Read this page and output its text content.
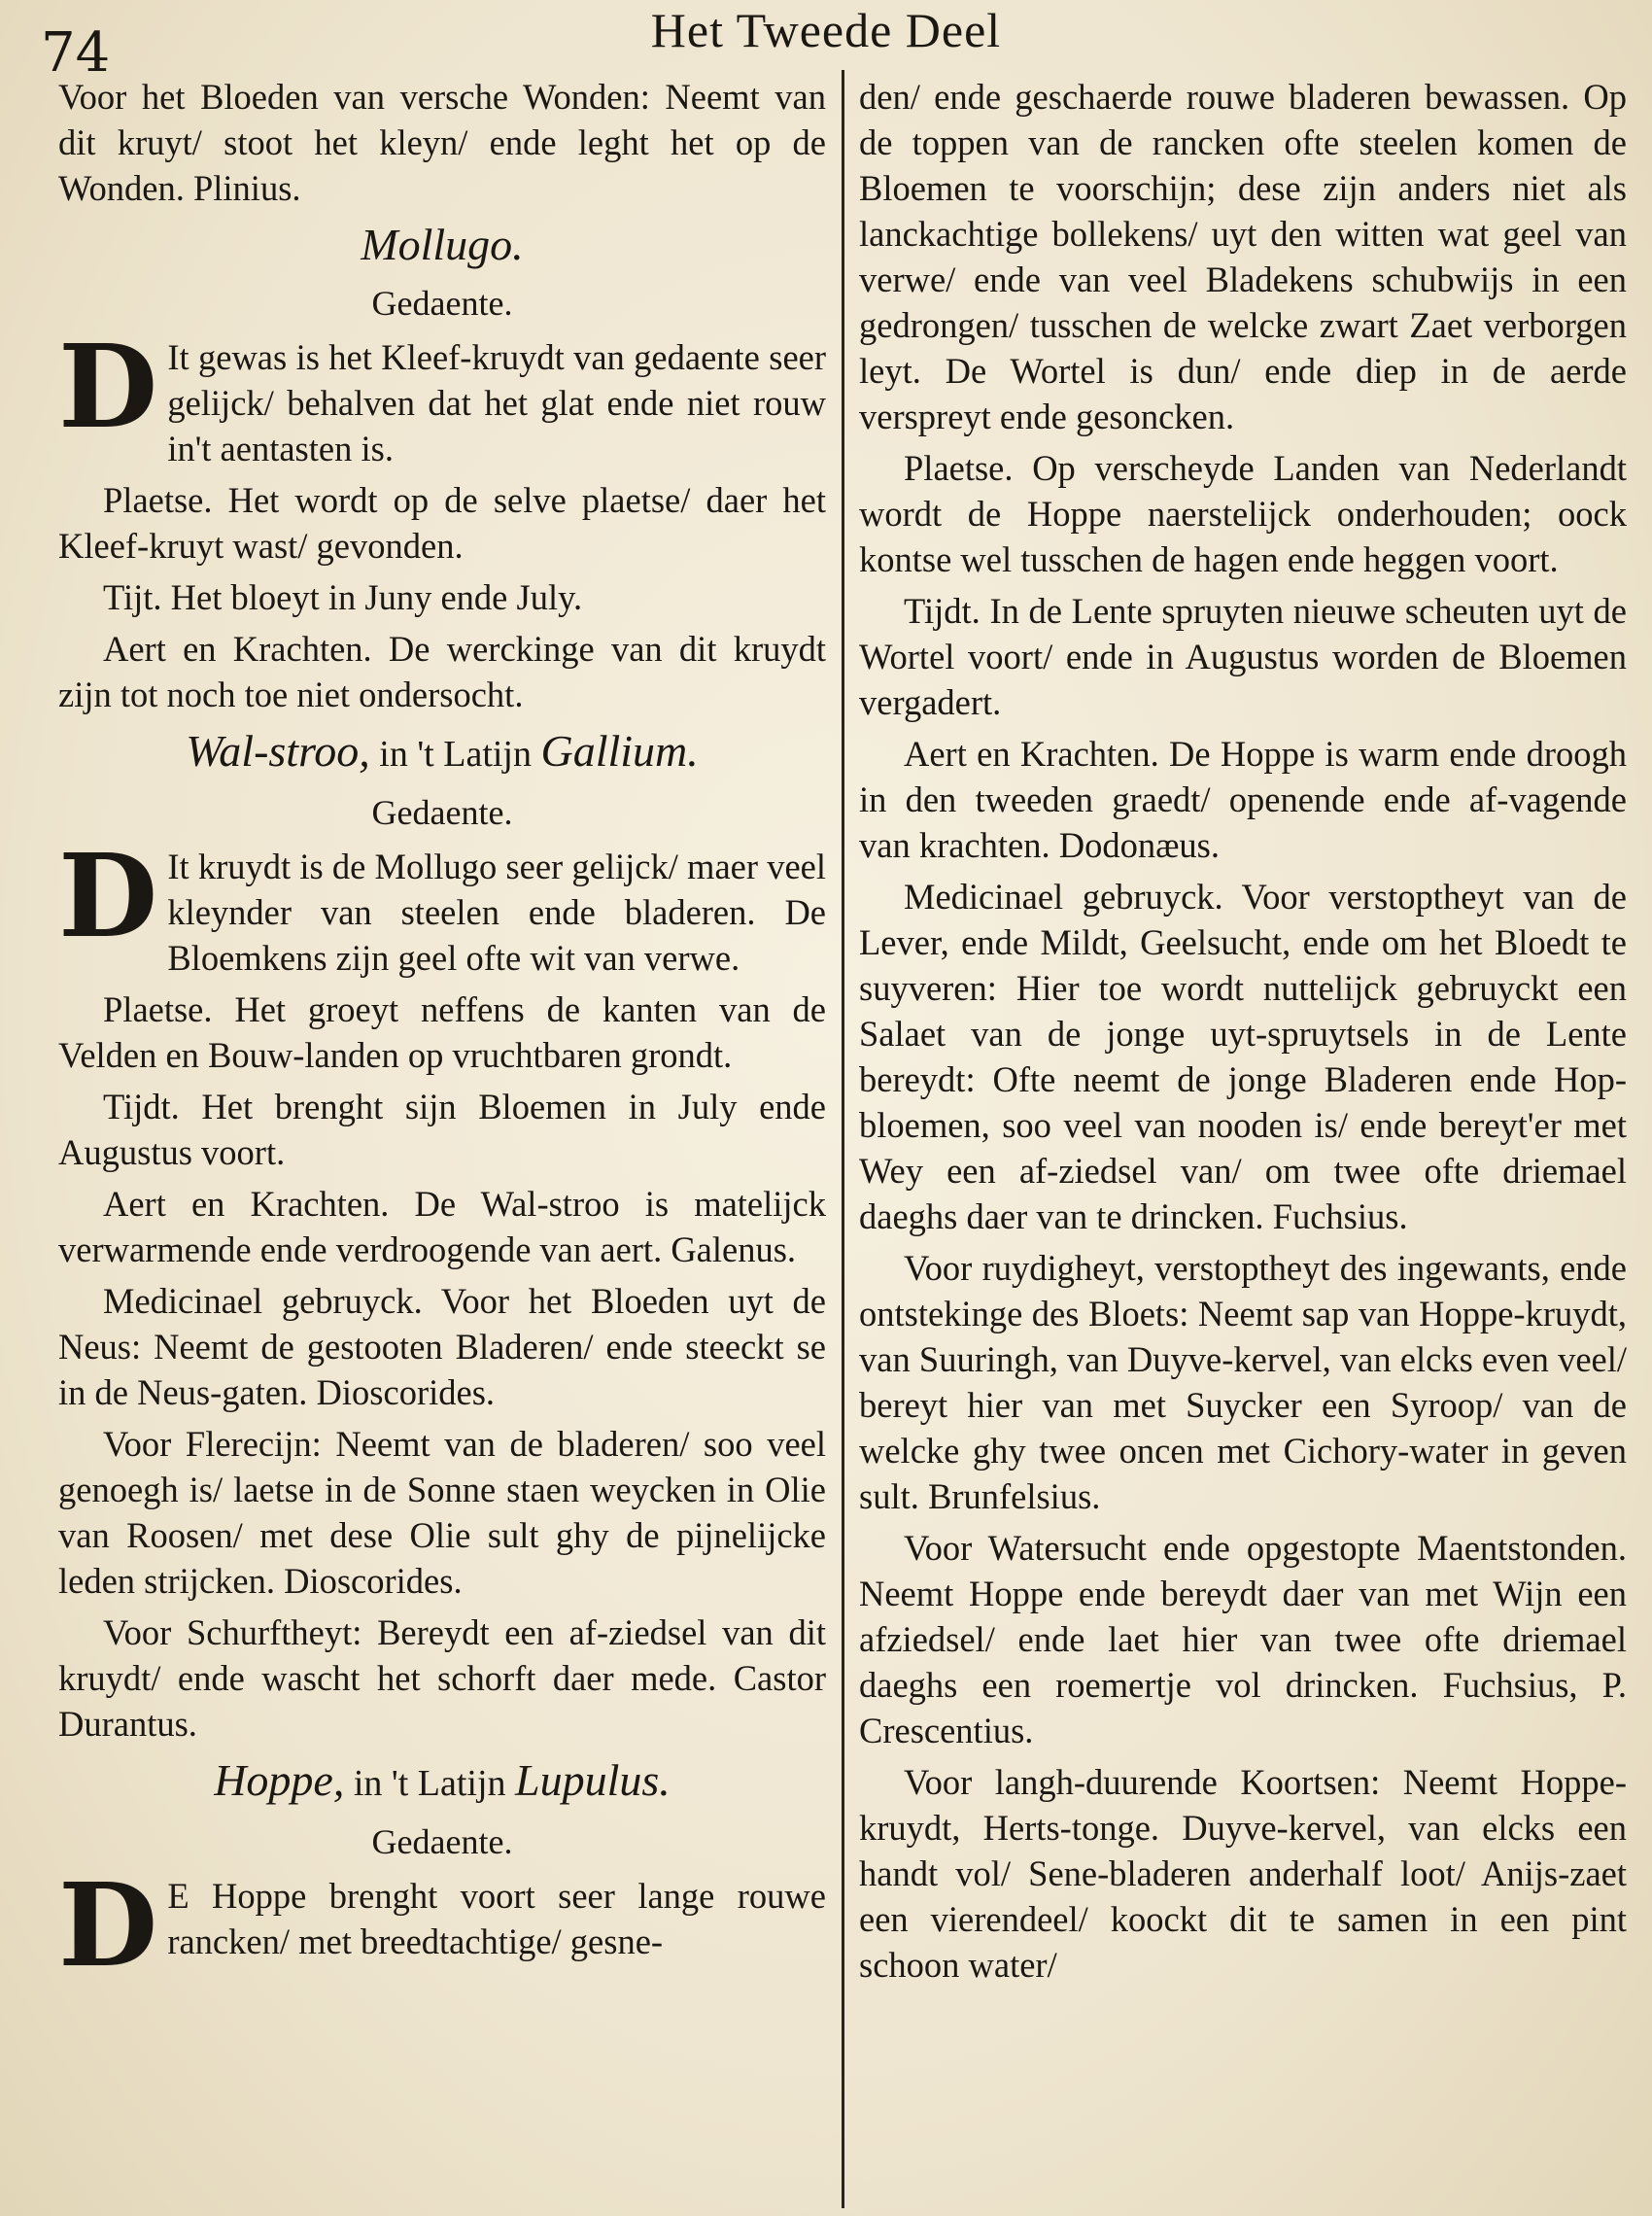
74	Het Tweede Deel

Voor het Bloeden van versche Wonden: Neemt van dit kruyt/ stoot het kleyn/ ende leght het op de Wonden. Plinius.

Mollugo.
Gedaente.
D It gewas is het Kleef-kruydt van gedaente seer gelijck/ behalven dat het glat ende niet rouw in't aentasten is.

Plaetse. Het wordt op de selve plaetse/ daer het Kleef-kruyt wast/ gevonden.

Tijt. Het bloeyt in Juny ende July.

Aert en Krachten. De werckinge van dit kruydt zijn tot noch toe niet ondersocht.

Wal-stroo, in 't Latijn Gallium.
Gedaente.
D It kruydt is de Mollugo seer gelijck/ maer veel kleynder van steelen ende bladeren. De Bloemkens zijn geel ofte wit van verwe.

Plaetse. Het groeyt neffens de kanten van de Velden en Bouw-landen op vruchtbaren grondt.

Tijdt. Het brenght sijn Bloemen in July ende Augustus voort.

Aert en Krachten. De Wal-stroo is matelijck verwarmende ende verdroogende van aert. Galenus.

Medicinael gebruyck. Voor het Bloeden uyt de Neus: Neemt de gestooten Bladeren/ ende steeckt se in de Neus-gaten. Dioscorides.

Voor Flerecijn: Neemt van de bladeren/ soo veel genoegh is/ laetse in de Sonne staen weycken in Olie van Roosen/ met dese Olie sult ghy de pijnelijcke leden strijcken. Dioscorides.

Voor Schurftheyt: Bereydt een af-ziedsel van dit kruydt/ ende wascht het schorft daer mede. Castor Durantus.

Hoppe, in 't Latijn Lupulus.
Gedaente.
D E Hoppe brenght voort seer lange rouwe rancken/ met breedtachtige/ gesne-

den/ ende geschaerde rouwe bladeren bewassen. Op de toppen van de rancken ofte steelen komen de Bloemen te voorschijn; dese zijn anders niet als lanckachtige bollekens/ uyt den witten wat geel van verwe/ ende van veel Bladekens schubwijs in een gedrongen/ tusschen de welcke zwart Zaet verborgen leyt. De Wortel is dun/ ende diep in de aerde verspreyt ende gesoncken.

Plaetse. Op verscheyde Landen van Nederlandt wordt de Hoppe naerstelijck onderhouden; oock kontse wel tusschen de hagen ende heggen voort.

Tijdt. In de Lente spruyten nieuwe scheuten uyt de Wortel voort/ ende in Augustus worden de Bloemen vergadert.

Aert en Krachten. De Hoppe is warm ende droogh in den tweeden graedt/ openende ende af-vagende van krachten. Dodonæus.

Medicinael gebruyck. Voor verstoptheyt van de Lever, ende Mildt, Geelsucht, ende om het Bloedt te suyveren: Hier toe wordt nuttelijck gebruyckt een Salaet van de jonge uyt-spruytsels in de Lente bereydt: Ofte neemt de jonge Bladeren ende Hop-bloemen, soo veel van nooden is/ ende bereyt'er met Wey een af-ziedsel van/ om twee ofte driemael daeghs daer van te drincken. Fuchsius.

Voor ruydigheyt, verstoptheyt des ingewants, ende ontstekinge des Bloets: Neemt sap van Hoppe-kruydt, van Suuringh, van Duyve-kervel, van elcks even veel/ bereyt hier van met Suycker een Syroop/ van de welcke ghy twee oncen met Cichory-water in geven sult. Brunfelsius.

Voor Watersucht ende opgestopte Maentstonden. Neemt Hoppe ende bereydt daer van met Wijn een afziedsel/ ende laet hier van twee ofte driemael daeghs een roemertje vol drincken. Fuchsius, P. Crescentius.

Voor langh-duurende Koortsen: Neemt Hoppe-kruydt, Herts-tonge. Duyve-kervel, van elcks een handt vol/ Sene-bladeren anderhalf loot/ Anijs-zaet een vierendeel/ koockt dit te samen in een pint schoon water/
